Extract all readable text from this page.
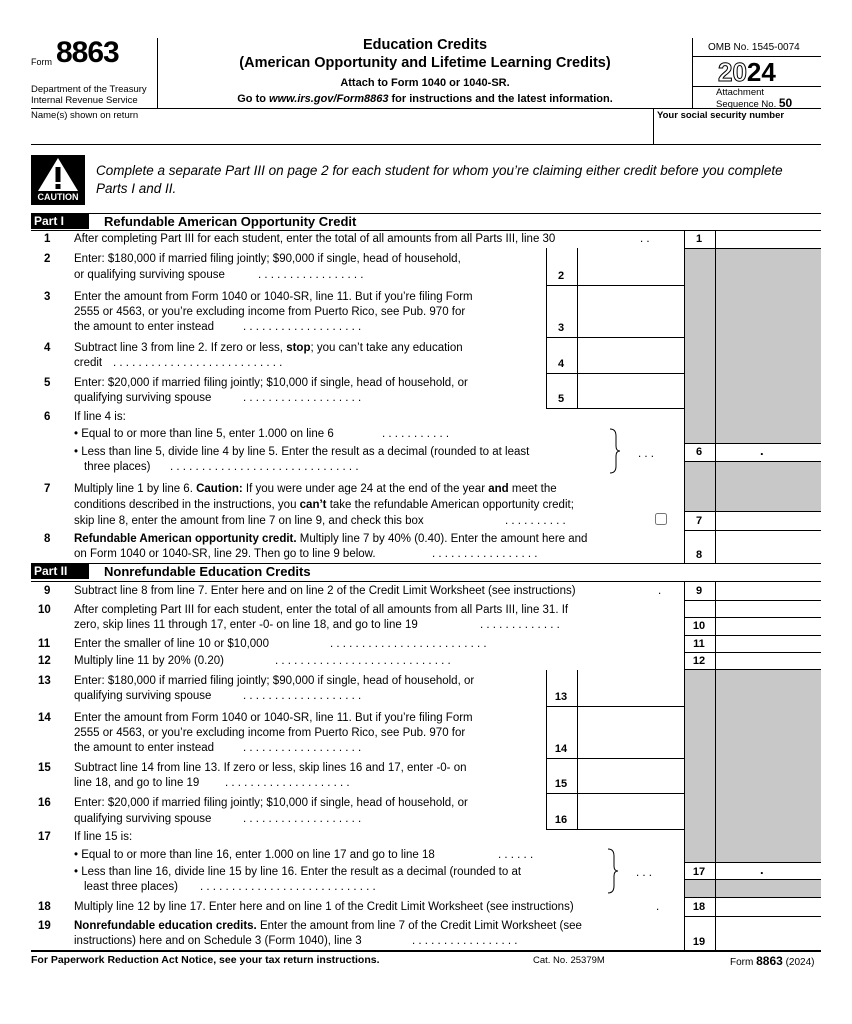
Form 8863
Department of the Treasury
Internal Revenue Service
Education Credits
(American Opportunity and Lifetime Learning Credits)
Attach to Form 1040 or 1040-SR.
Go to www.irs.gov/Form8863 for instructions and the latest information.
OMB No. 1545-0074
2024
Attachment
Sequence No. 50
Name(s) shown on return	Your social security number
CAUTION
Complete a separate Part III on page 2 for each student for whom you’re claiming either credit before you complete Parts I and II.
Part I	Refundable American Opportunity Credit
1 After completing Part III for each student, enter the total of all amounts from all Parts III, line 30	. .	1
2 Enter: $180,000 if married filing jointly; $90,000 if single, head of household,
or qualifying surviving spouse	. . . . . . . . . . . . . . . . .	2
3 Enter the amount from Form 1040 or 1040-SR, line 11. But if you’re filing Form
2555 or 4563, or you’re excluding income from Puerto Rico, see Pub. 970 for
the amount to enter instead	. . . . . . . . . . . . . . . . . . .	3
4 Subtract line 3 from line 2. If zero or less, stop; you can’t take any education
credit . . . . . . . . . . . . . . . . . . . . . . . . . . .	4
5 Enter: $20,000 if married filing jointly; $10,000 if single, head of household, or
qualifying surviving spouse	. . . . . . . . . . . . . . . . . . .	5
6 If line 4 is:
• Equal to or more than line 5, enter 1.000 on line 6	. . . . . . . . . . .
• Less than line 5, divide line 4 by line 5. Enter the result as a decimal (rounded to at least
three places) . . . . . . . . . . . . . . . . . . . . . . . . . . . . . .
. . .	6	.
7 Multiply line 1 by line 6. Caution: If you were under age 24 at the end of the year and meet the
conditions described in the instructions, you can’t take the refundable American opportunity credit;
skip line 8, enter the amount from line 7 on line 9, and check this box	. . . . . . . . . .	7
8 Refundable American opportunity credit. Multiply line 7 by 40% (0.40). Enter the amount here and
on Form 1040 or 1040-SR, line 29. Then go to line 9 below.	. . . . . . . . . . . . . . . . .	8
Part II	Nonrefundable Education Credits
9 Subtract line 8 from line 7. Enter here and on line 2 of the Credit Limit Worksheet (see instructions)	.	9
10 After completing Part III for each student, enter the total of all amounts from all Parts III, line 31. If
zero, skip lines 11 through 17, enter -0- on line 18, and go to line 19	. . . . . . . . . . . . .	10
11 Enter the smaller of line 10 or $10,000	. . . . . . . . . . . . . . . . . . . . . . . . .	11
12 Multiply line 11 by 20% (0.20)	. . . . . . . . . . . . . . . . . . . . . . . . . . . .	12
13 Enter: $180,000 if married filing jointly; $90,000 if single, head of household, or
qualifying surviving spouse	. . . . . . . . . . . . . . . . . . .	13
14 Enter the amount from Form 1040 or 1040-SR, line 11. But if you’re filing Form
2555 or 4563, or you’re excluding income from Puerto Rico, see Pub. 970 for
the amount to enter instead	. . . . . . . . . . . . . . . . . . .	14
15 Subtract line 14 from line 13. If zero or less, skip lines 16 and 17, enter -0- on
line 18, and go to line 19 . . . . . . . . . . . . . . . . . . . .	15
16 Enter: $20,000 if married filing jointly; $10,000 if single, head of household, or
qualifying surviving spouse	. . . . . . . . . . . . . . . . . . .	16
17 If line 15 is:
• Equal to or more than line 16, enter 1.000 on line 17 and go to line 18	. . . . . .
• Less than line 16, divide line 15 by line 16. Enter the result as a decimal (rounded to at
least three places) . . . . . . . . . . . . . . . . . . . . . . . . . . . .
. . .	17	.
18 Multiply line 12 by line 17. Enter here and on line 1 of the Credit Limit Worksheet (see instructions)	.	18
19 Nonrefundable education credits. Enter the amount from line 7 of the Credit Limit Worksheet (see
instructions) here and on Schedule 3 (Form 1040), line 3	. . . . . . . . . . . . . . . . .	19
For Paperwork Reduction Act Notice, see your tax return instructions.	Cat. No. 25379M	Form 8863 (2024)
